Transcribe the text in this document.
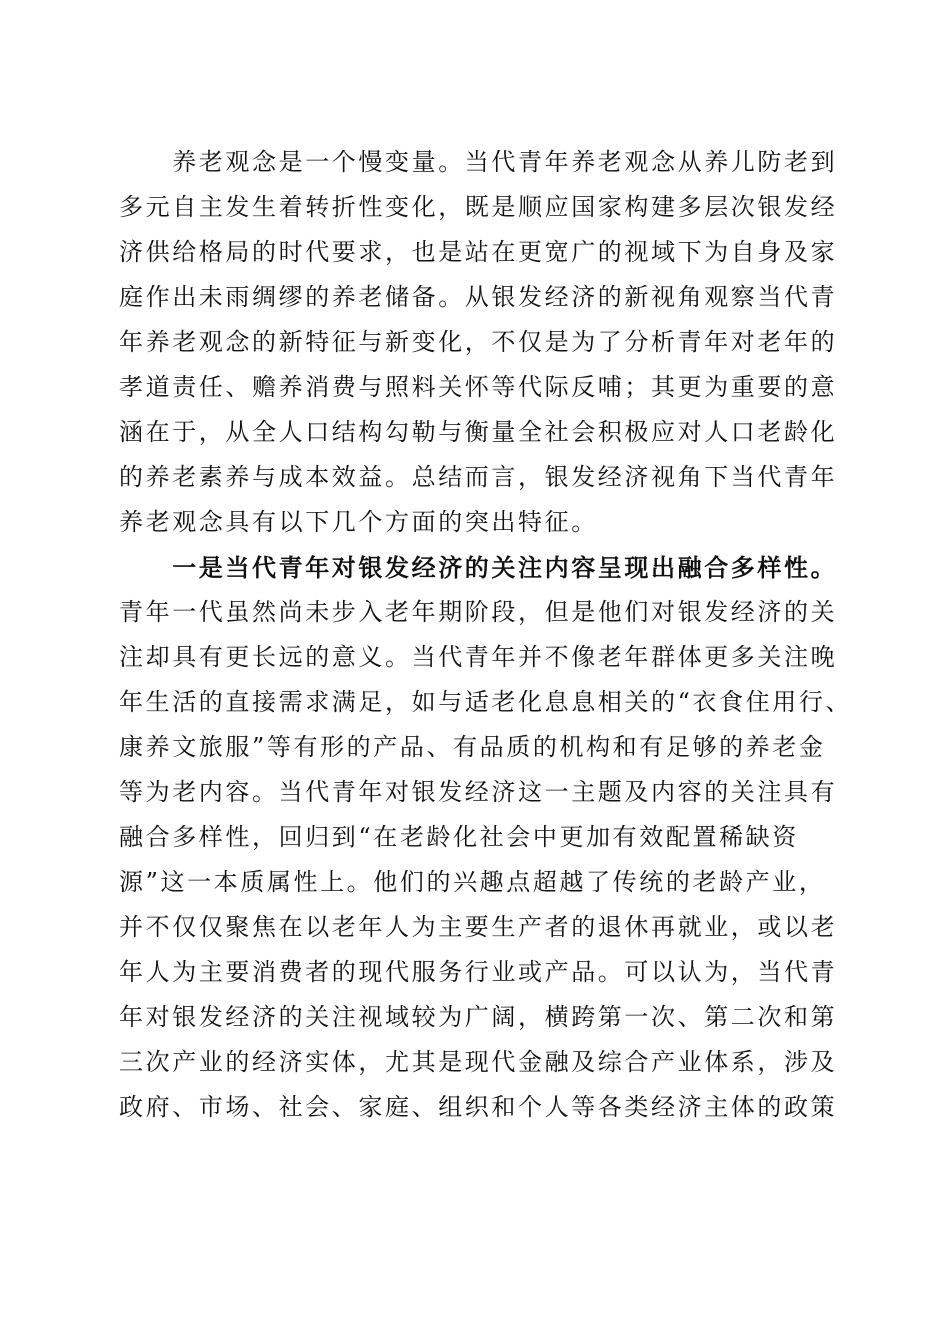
　　养老观念是一个慢变量。当代青年养老观念从养儿防老到
多元自主发生着转折性变化，既是顺应国家构建多层次银发经
济供给格局的时代要求，也是站在更宽广的视域下为自身及家
庭作出未雨绸缪的养老储备。从银发经济的新视角观察当代青
年养老观念的新特征与新变化，不仅是为了分析青年对老年的
孝道责任、赡养消费与照料关怀等代际反哺；其更为重要的意
涵在于，从全人口结构勾勒与衡量全社会积极应对人口老龄化
的养老素养与成本效益。总结而言，银发经济视角下当代青年
养老观念具有以下几个方面的突出特征。
　　一是当代青年对银发经济的关注内容呈现出融合多样性。
青年一代虽然尚未步入老年期阶段，但是他们对银发经济的关
注却具有更长远的意义。当代青年并不像老年群体更多关注晚
年生活的直接需求满足，如与适老化息息相关的“衣食住用行、
康养文旅服”等有形的产品、有品质的机构和有足够的养老金
等为老内容。当代青年对银发经济这一主题及内容的关注具有
融合多样性，回归到“在老龄化社会中更加有效配置稀缺资
源”这一本质属性上。他们的兴趣点超越了传统的老龄产业，
并不仅仅聚焦在以老年人为主要生产者的退休再就业，或以老
年人为主要消费者的现代服务行业或产品。可以认为，当代青
年对银发经济的关注视域较为广阔，横跨第一次、第二次和第
三次产业的经济实体，尤其是现代金融及综合产业体系，涉及
政府、市场、社会、家庭、组织和个人等各类经济主体的政策
